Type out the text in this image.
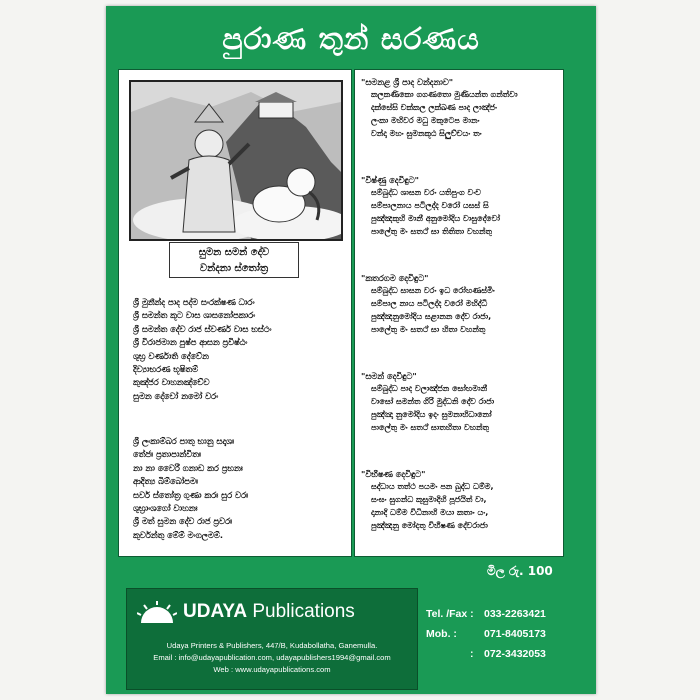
පුරාණ තුන් සරණය
සුමන සමන් දේව
වන්දනා ස්තෝත්‍ර
ශ්‍රී මුනීන්ද පාද පද්ම සංරක්ෂණ ධාරං
ශ්‍රී සමන්ත කූට වාස ශාසනෝපකාරං
ශ්‍රී සමන්ත දේව රාජ ස්වර්ණ වාස භස්ථං
ශ්‍රී විරාජමාන පුෂ්ප ආසන ප්‍රවිෂ්ඨං
ශුභ්‍ර වර්ණාති දේවේන
දිව්‍යාභරණ භූෂිතම්
කුඤ්ජර වාහනඤ්චේව
සුමන දේවෝ නමෝ වරං
ශ්‍රී ලංකාම්බර පාතු භානු සදෘශඃ
තේජඃ ප්‍රතාපාන්විතඃ
නා නා වෛරී ගනාඩ කර ප්‍රභනඃ
ආදිත්‍ය බිම්බෝපමඃ
සර්ව ස්තෝත්‍ර ගුණා කරඃ සුර වරඃ
ශුභ්‍රාංශගෝ වාහනඃ
ශ්‍රී මත් සුමන දේව රාජ ප්‍රවරඃ
කුර්වන්තු මේම් මංගලමම්.
"සමනළ ශ්‍රී පාද වන්දනාව"
කලකණිකො ගගණතො මුණියන්ත ගන්ත්වා
දක්සේසි චක්කල ලක්ඛණ පාද ලාඤ්ජං
ලංකා මහිවර මධු මකුටෙප මානං
වන්දා මහං සුමනකූඨ සිලුච්චයං තං
"විෂ්ණු දෙවිඳුට"
සම්බුද්ධ ශාසන වරං යතිපුංග වංච
සම්පාලනාය පටිලද්ද වරෝ යසස් සි
පුඤ්ඤකුහි මානී අනුමෝදිය වාසුදේවෝ
පාලේතු මං සතථ් සා තිතිතා වහන්තු
"කතරගම දෙවිඳුට"
සම්බුද්ධ සාසන වරං ඉධ රෝහණස්මිං
සම්පාල නාය පටිලද්ද වරෝ මහිද්ධී
පුඤ්ඤනුමෝදිය සළානන දේව රාජා,
පාලේතු මං සතථ් සා හිතා වහන්තු
"සමන් දෙවිඳුට"
සම්බුද්ධ පාද වලාඤ්ජන සෝභමානී
වාසෝ සමන්ත ගිරි මුද්ධනි දේව රාජා
පුඤ්ඤා නුමෝදිය ඉදං සුමනාභිධානෝ
පාලේතු මං සතථ් සාතහිතා වහන්තු
"විභීෂණ දෙවිඳුට"
සද්ධාය තත්ථ පයමං පන බුද්ධ ධම්ම,
සංඝං සුගන්ධ කුසුමාදිහි පූජයිත් වා,
දානාදි ධම්ම විධිනාහි මයා කතාං යං,
පුඤ්ඤනු මෝදතු විභීෂණ දේවරාජා
මිල රු. 100
UDAYA Publications
Udaya Printers & Publishers, 447/B, Kudabollatha, Ganemulla.
Email : info@udayapublication.com, udayapublishers1994@gmail.com
Web : www.udayapublications.com
Tel. /Fax : 033-2263421
Mob. :	071-8405173
: 072-3432053
